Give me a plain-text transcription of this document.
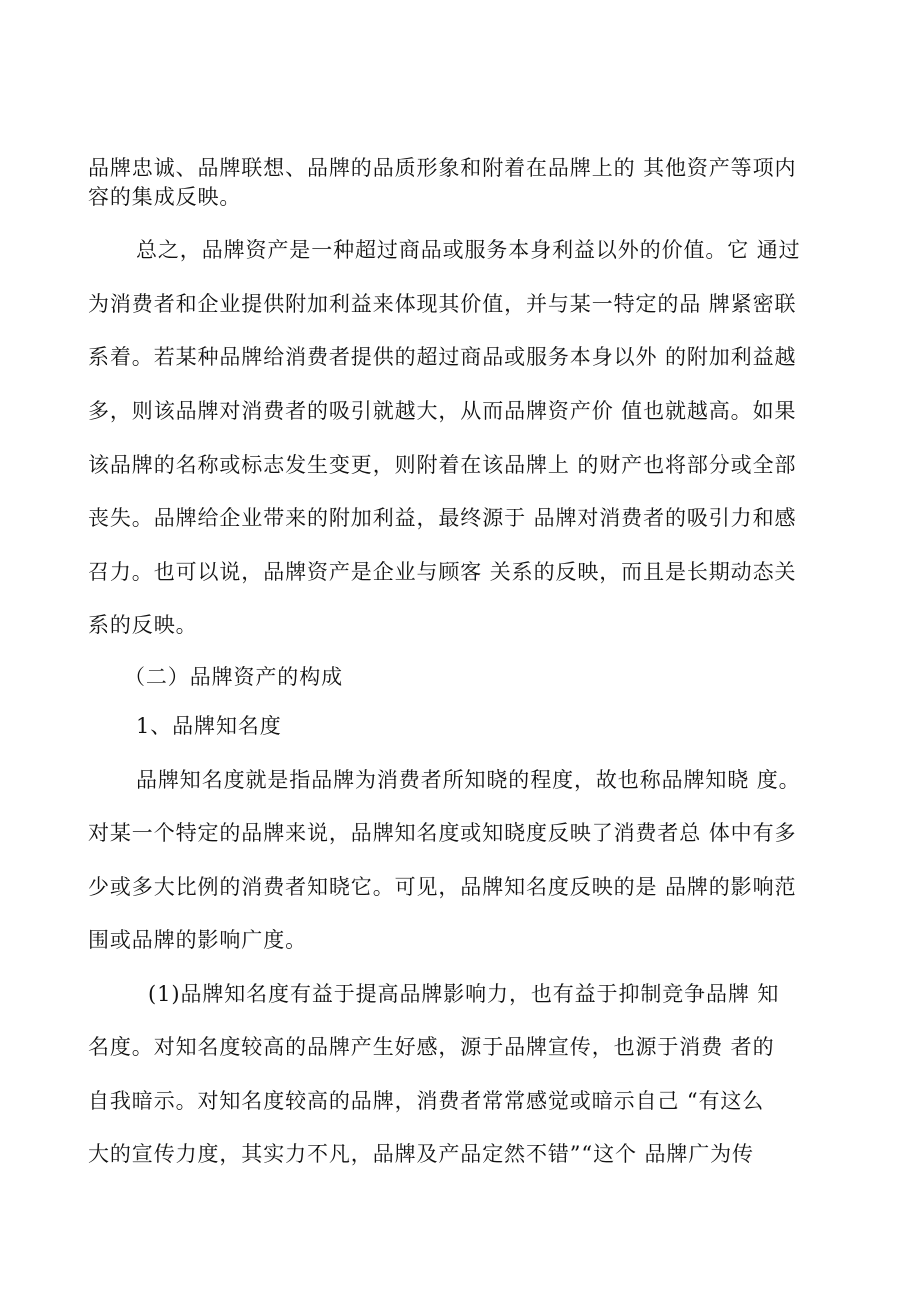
品牌忠诚、品牌联想、品牌的品质形象和附着在品牌上的 其他资产等项内
容的集成反映。
总之，品牌资产是一种超过商品或服务本身利益以外的价值。它 通过
为消费者和企业提供附加利益来体现其价值，并与某一特定的品 牌紧密联
系着。若某种品牌给消费者提供的超过商品或服务本身以外 的附加利益越
多，则该品牌对消费者的吸引就越大，从而品牌资产价 值也就越高。如果
该品牌的名称或标志发生变更，则附着在该品牌上 的财产也将部分或全部
丧失。品牌给企业带来的附加利益，最终源于 品牌对消费者的吸引力和感
召力。也可以说，品牌资产是企业与顾客 关系的反映，而且是长期动态关
系的反映。
（二）品牌资产的构成
1、品牌知名度
品牌知名度就是指品牌为消费者所知晓的程度，故也称品牌知晓 度。
对某一个特定的品牌来说，品牌知名度或知晓度反映了消费者总 体中有多
少或多大比例的消费者知晓它。可见，品牌知名度反映的是 品牌的影响范
围或品牌的影响广度。
(1)品牌知名度有益于提高品牌影响力，也有益于抑制竞争品牌 知
名度。对知名度较高的品牌产生好感，源于品牌宣传，也源于消费 者的
自我暗示。对知名度较高的品牌，消费者常常感觉或暗示自己 “有这么
大的宣传力度，其实力不凡，品牌及产品定然不错”“这个 品牌广为传
